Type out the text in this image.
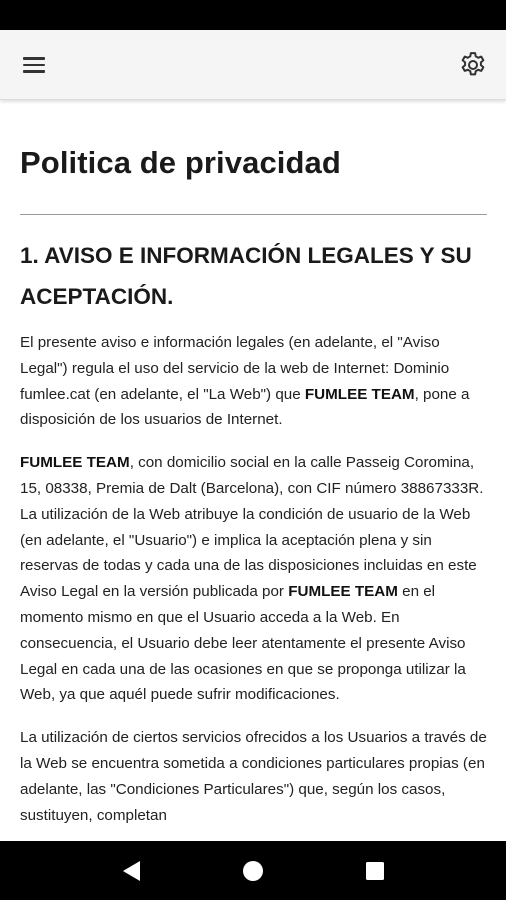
Politica de privacidad
1. AVISO E INFORMACIÓN LEGALES Y SU ACEPTACIÓN.

El presente aviso e información legales (en adelante, el "Aviso Legal") regula el uso del servicio de la web de Internet: Dominio fumlee.cat (en adelante, el "La Web") que FUMLEE TEAM, pone a disposición de los usuarios de Internet.

FUMLEE TEAM, con domicilio social en la calle Passeig Coromina, 15, 08338, Premia de Dalt (Barcelona), con CIF número 38867333R. La utilización de la Web atribuye la condición de usuario de la Web (en adelante, el "Usuario") e implica la aceptación plena y sin reservas de todas y cada una de las disposiciones incluidas en este Aviso Legal en la versión publicada por FUMLEE TEAM en el momento mismo en que el Usuario acceda a la Web. En consecuencia, el Usuario debe leer atentamente el presente Aviso Legal en cada una de las ocasiones en que se proponga utilizar la Web, ya que aquél puede sufrir modificaciones.

La utilización de ciertos servicios ofrecidos a los Usuarios a través de la Web se encuentra sometida a condiciones particulares propias (en adelante, las "Condiciones Particulares") que, según los casos, sustituyen, completan
